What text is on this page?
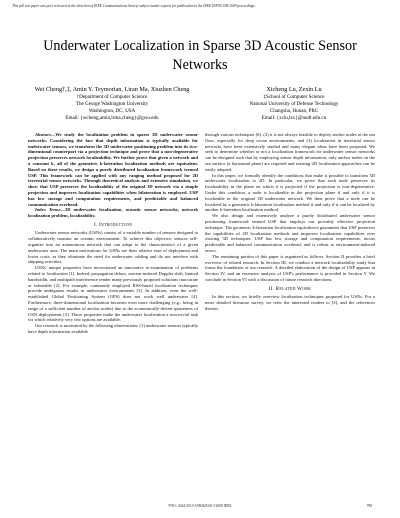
This full text paper was peer reviewed at the direction of IEEE Communications Society subject matter experts for publication in the IEEE INFOCOM 2009 proceedings.
Underwater Localization in Sparse 3D Acoustic Sensor Networks
Wei Cheng†,‡, Amin Y. Teymorian, Liran Ma, Xiuzhen Cheng
†Department of Computer Science
The George Washington University
Washington, DC, USA
Email: {wcheng,amin,lrma,cheng}@gwu.edu
Xicheng Lu, Zexin Lu
‡School of Computer Science
National University of Defense Technology
Changsha, Hunan, PRC
Email: {xclu,lzx}@nudt.edu.cn

Abstract—We study the localization problem in sparse 3D underwater sensor networks. Considering the fact that depth information is typically available for underwater sensors, we transform the 3D underwater positioning problem into its two-dimensional counterpart via a projection technique and prove that a non-degenerative projection preserves network localizability. We further prove that given a network and a constant k, all of the geometric k-lateration localization methods are equivalent. Based on these results, we design a purely distributed localization framework termed USP. This framework can be applied with any ranging method proposed for 2D terrestrial sensor networks. Through theoretical analysis and extensive simulation, we show that USP preserves the localizability of the original 3D network via a simple projection and improves localization capabilities when bilateration is employed. USP has low storage and computation requirements, and predictable and balanced communication overhead.

Index Terms—3D underwater localization, acoustic sensor networks, network localization problem, localizability.

I. Introduction

Underwater sensor networks (USNs) consist of a variable number of sensors designed to collaboratively monitor an oceanic environment. To achieve this objective, sensors self-organize into an autonomous network that can adapt to the characteristics of a given underwater area. The main motivations for USNs are their relative ease of deployment and lower costs, as they eliminate the need for underwater cabling and do not interfere with shipping activities.

USNs' unique properties have necessitated an innovative re-examination of problems related to localization [1]. Indeed, propagation delays, motion-induced Doppler shift, limited bandwidth, and multipath interference render many previously proposed solutions inaccurate or infeasible [2]. For example, commonly employed RSS-based localization techniques provide ambiguous results in underwater environments [3]. In addition, even the well-established Global Positioning System (GPS) does not work well underwater [4]. Furthermore, three-dimensional localization becomes even more challenging (e.g., being in range of a sufficient number of anchor nodes) due to the economically-driven sparseness of USN deployments [3]. These properties make the underwater localization a non-trivial task for which relatively very few options are available.

Our research is motivated by the following observations: (1) underwater sensors typically have depth information available

through various techniques [6]. (2) it is not always feasible to deploy anchor nodes at the sea floor, especially for deep ocean environments; and (3) localization in terrestrial sensor networks have been extensively studied and many elegant ideas have been proposed. We seek to determine whether or not a localization framework for underwater sensor networks can be designed such that by employing sensor depth information, only anchor nodes on the sea surface (a horizontal plane) are required and existing 2D localization approaches can be easily adopted.

In this paper, we formally identify the conditions that make it possible to transform 3D underwater localization to 2D. In particular, we prove that each node preserves its localizability in the plane on which it is projected if the projection is non-degenerative. Under this condition, a node is localizable in the projection plane if and only if it is localizable in the original 3D underwater network. We then prove that a node can be localized by a geometric k-lateration localization method if and only if it can be localized by another k-lateration localization method.

We also design and extensively analyze a purely distributed underwater sensor positioning framework termed USP that employs our provably effective projection technique. The geometric k-lateration localization equivalence guarantees that USP preserves the capabilities of 2D localization methods and improves localization capabilities over existing 3D techniques. USP has low storage and computation requirements, incurs predictable and balanced communication overhead, and is robust to environment-induced errors.

The remaining portion of this paper is organized as follows. Section II provides a brief overview of related research. In Section III, we conduct a network localizability study that forms the foundation of our research. A detailed elaboration of the design of USP appears in Section IV, and an extensive analysis of USP's performance is provided in Section V. We conclude in Section VI with a discussion of future research directions.

II. Related Work

In this section, we briefly overview localization techniques proposed for USNs. For a more detailed literature survey, we refer the interested readers to [3], and the references therein.

978-1-4244-3513-5/09/$25.00 ©2009 IEEE	798
